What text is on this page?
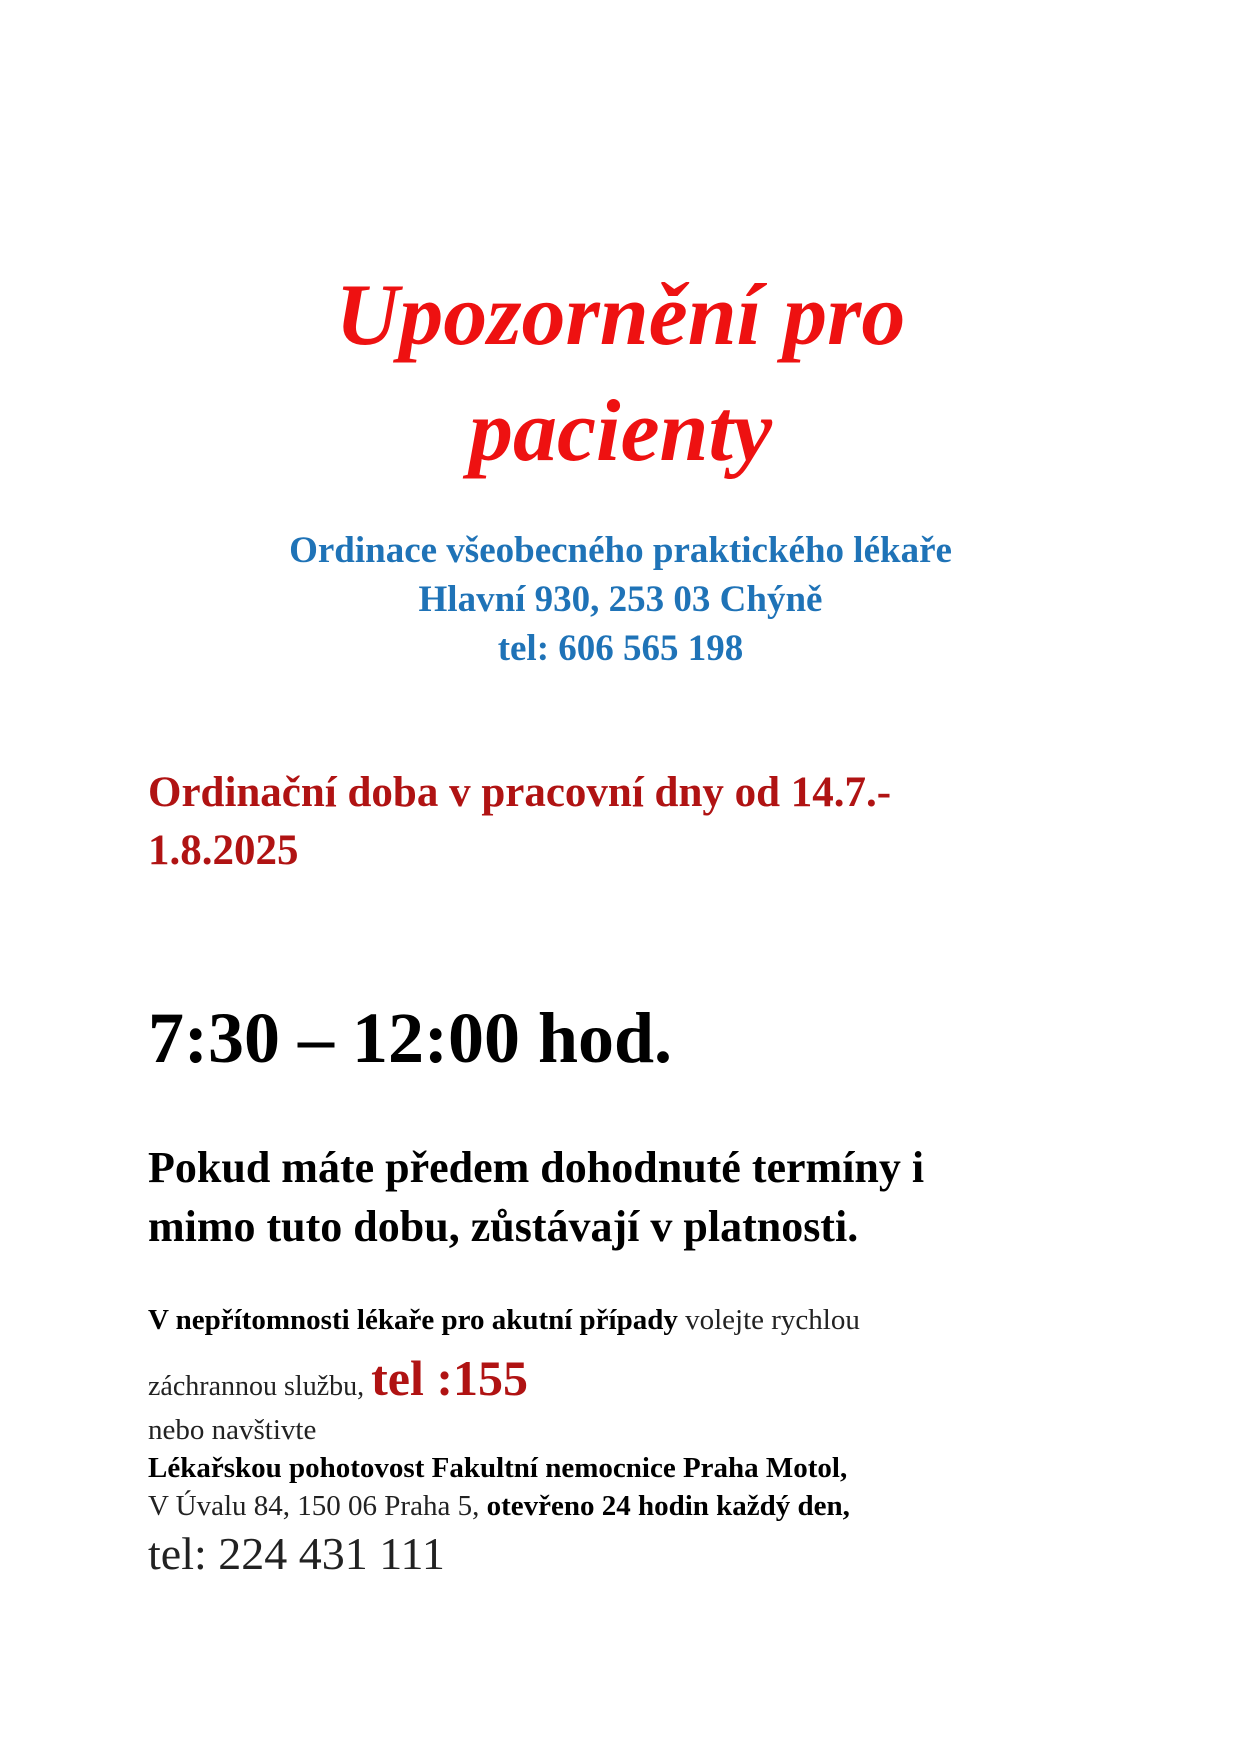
Upozornění pro
pacienty
Ordinace všeobecného praktického lékaře
Hlavní 930, 253 03 Chýně
tel: 606 565 198
Ordinační doba v pracovní dny od 14.7.-
1.8.2025
7:30 – 12:00 hod.
Pokud máte předem dohodnuté termíny i
mimo tuto dobu, zůstávají v platnosti.
V nepřítomnosti lékaře pro akutní případy volejte rychlou
záchrannou službu, tel :155
nebo navštivte
Lékařskou pohotovost Fakultní nemocnice Praha Motol,
V Úvalu 84, 150 06 Praha 5, otevřeno 24 hodin každý den,
tel: 224 431 111
